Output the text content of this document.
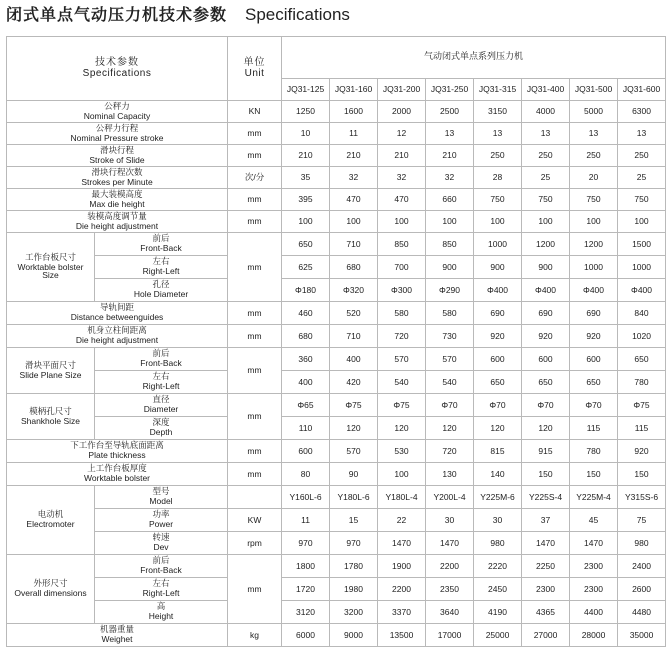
闭式单点气动压力机技术参数 Specifications
技术参数
Specifications		单位
Unit	气动闭式单点系列压力机							
			JQ31-125	JQ31-160	JQ31-200	JQ31-250	JQ31-315	JQ31-400	JQ31-500	JQ31-600

公秤力
Nominal Capacity		KN	1250	1600	2000	2500	3150	4000	5000	6300

公秤力行程
Nominal Pressure stroke		mm	10	11	12	13	13	13	13	13

滑块行程
Stroke of Slide		mm	210	210	210	210	250	250	250	250

滑块行程次数
Strokes per Minute		次/分	35	32	32	32	28	25	20	25

最大装模高度
Max die height		mm	395	470	470	660	750	750	750	750

装模高度调节量
Die height adjustment		mm	100	100	100	100	100	100	100	100

工作台板尺寸
Worktable bolster
Size	前后
Front-Back	mm	650	710	850	850	1000	1200	1200	1500

	左右
Right-Left		625	680	700	900	900	900	1000	1000

	孔径
Hole Diameter		Φ180	Φ320	Φ300	Φ290	Φ400	Φ400	Φ400	Φ400

导轨间距
Distance betweenguides		mm	460	520	580	580	690	690	690	840

机身立柱间距离
Die height adjustment		mm	680	710	720	730	920	920	920	1020

滑块平面尺寸
Slide Plane Size	前后
Front-Back	mm	360	400	570	570	600	600	600	650

	左右
Right-Left		400	420	540	540	650	650	650	780

模柄孔尺寸
Shankhole Size	直径
Diameter	mm	Φ65	Φ75	Φ75	Φ70	Φ70	Φ70	Φ70	Φ75

	深度
Depth		110	120	120	120	120	120	115	115

下工作台至导轨底面距离
Plate thickness		mm	600	570	530	720	815	915	780	920

上工作台板厚度
Worktable bolster		mm	80	90	100	130	140	150	150	150

电动机
Electromoter	型号
Model		Y160L-6	Y180L-6	Y180L-4	Y200L-4	Y225M-6	Y225S-4	Y225M-4	Y315S-6

	功率
Power	KW	11	15	22	30	30	37	45	75

	转速
Dev	rpm	970	970	1470	1470	980	1470	1470	980

外形尺寸
Overall dimensions	前后
Front-Back	mm	1800	1780	1900	2200	2220	2250	2300	2400

	左右
Right-Left		1720	1980	2200	2350	2450	2300	2300	2600

	高
Height		3120	3200	3370	3640	4190	4365	4400	4480

机器重量
Weighet		kg	6000	9000	13500	17000	25000	27000	28000	35000
